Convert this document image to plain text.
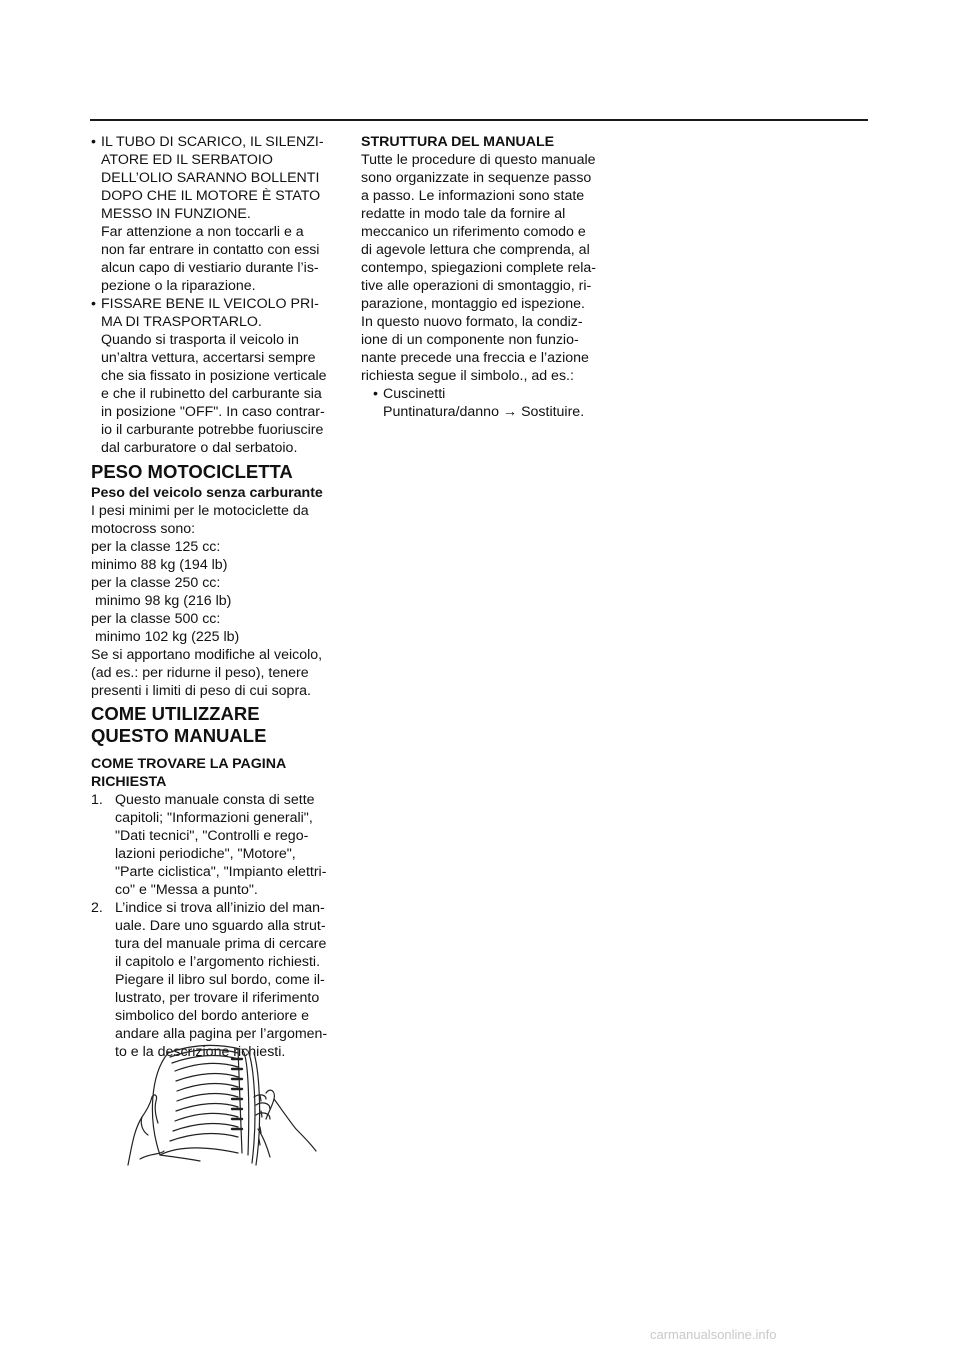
• IL TUBO DI SCARICO, IL SILENZI-
ATORE ED IL SERBATOIO
DELL’OLIO SARANNO BOLLENTI
DOPO CHE IL MOTORE È STATO
MESSO IN FUNZIONE.
Far attenzione a non toccarli e a
non far entrare in contatto con essi
alcun capo di vestiario durante l’is-
pezione o la riparazione.
• FISSARE BENE IL VEICOLO PRI-
MA DI TRASPORTARLO.
Quando si trasporta il veicolo in
un’altra vettura, accertarsi sempre
che sia fissato in posizione verticale
e che il rubinetto del carburante sia
in posizione "OFF". In caso contrar-
io il carburante potrebbe fuoriuscire
dal carburatore o dal serbatoio.
PESO MOTOCICLETTA
Peso del veicolo senza carburante
I pesi minimi per le motociclette da
motocross sono:
per la classe 125 cc:
minimo 88 kg (194 lb)
per la classe 250 cc:
minimo 98 kg (216 lb)
per la classe 500 cc:
minimo 102 kg (225 lb)
Se si apportano modifiche al veicolo,
(ad es.: per ridurne il peso), tenere
presenti i limiti di peso di cui sopra.
COME UTILIZZARE
QUESTO MANUALE
COME TROVARE LA PAGINA
RICHIESTA
1. Questo manuale consta di sette
capitoli; "Informazioni generali",
"Dati tecnici", "Controlli e rego-
lazioni periodiche", "Motore",
"Parte ciclistica", "Impianto elettri-
co" e "Messa a punto".
2. L’indice si trova all’inizio del man-
uale. Dare uno sguardo alla strut-
tura del manuale prima di cercare
il capitolo e l’argomento richiesti.
Piegare il libro sul bordo, come il-
lustrato, per trovare il riferimento
simbolico del bordo anteriore e
andare alla pagina per l’argomen-
to e la descrizione richiesti.
STRUTTURA DEL MANUALE
Tutte le procedure di questo manuale
sono organizzate in sequenze passo
a passo. Le informazioni sono state
redatte in modo tale da fornire al
meccanico un riferimento comodo e
di agevole lettura che comprenda, al
contempo, spiegazioni complete rela-
tive alle operazioni di smontaggio, ri-
parazione, montaggio ed ispezione.
In questo nuovo formato, la condiz-
ione di un componente non funzio-
nante precede una freccia e l’azione
richiesta segue il simbolo., ad es.:
• Cuscinetti
Puntinatura/danno → Sostituire.
carmanualsonline.info
